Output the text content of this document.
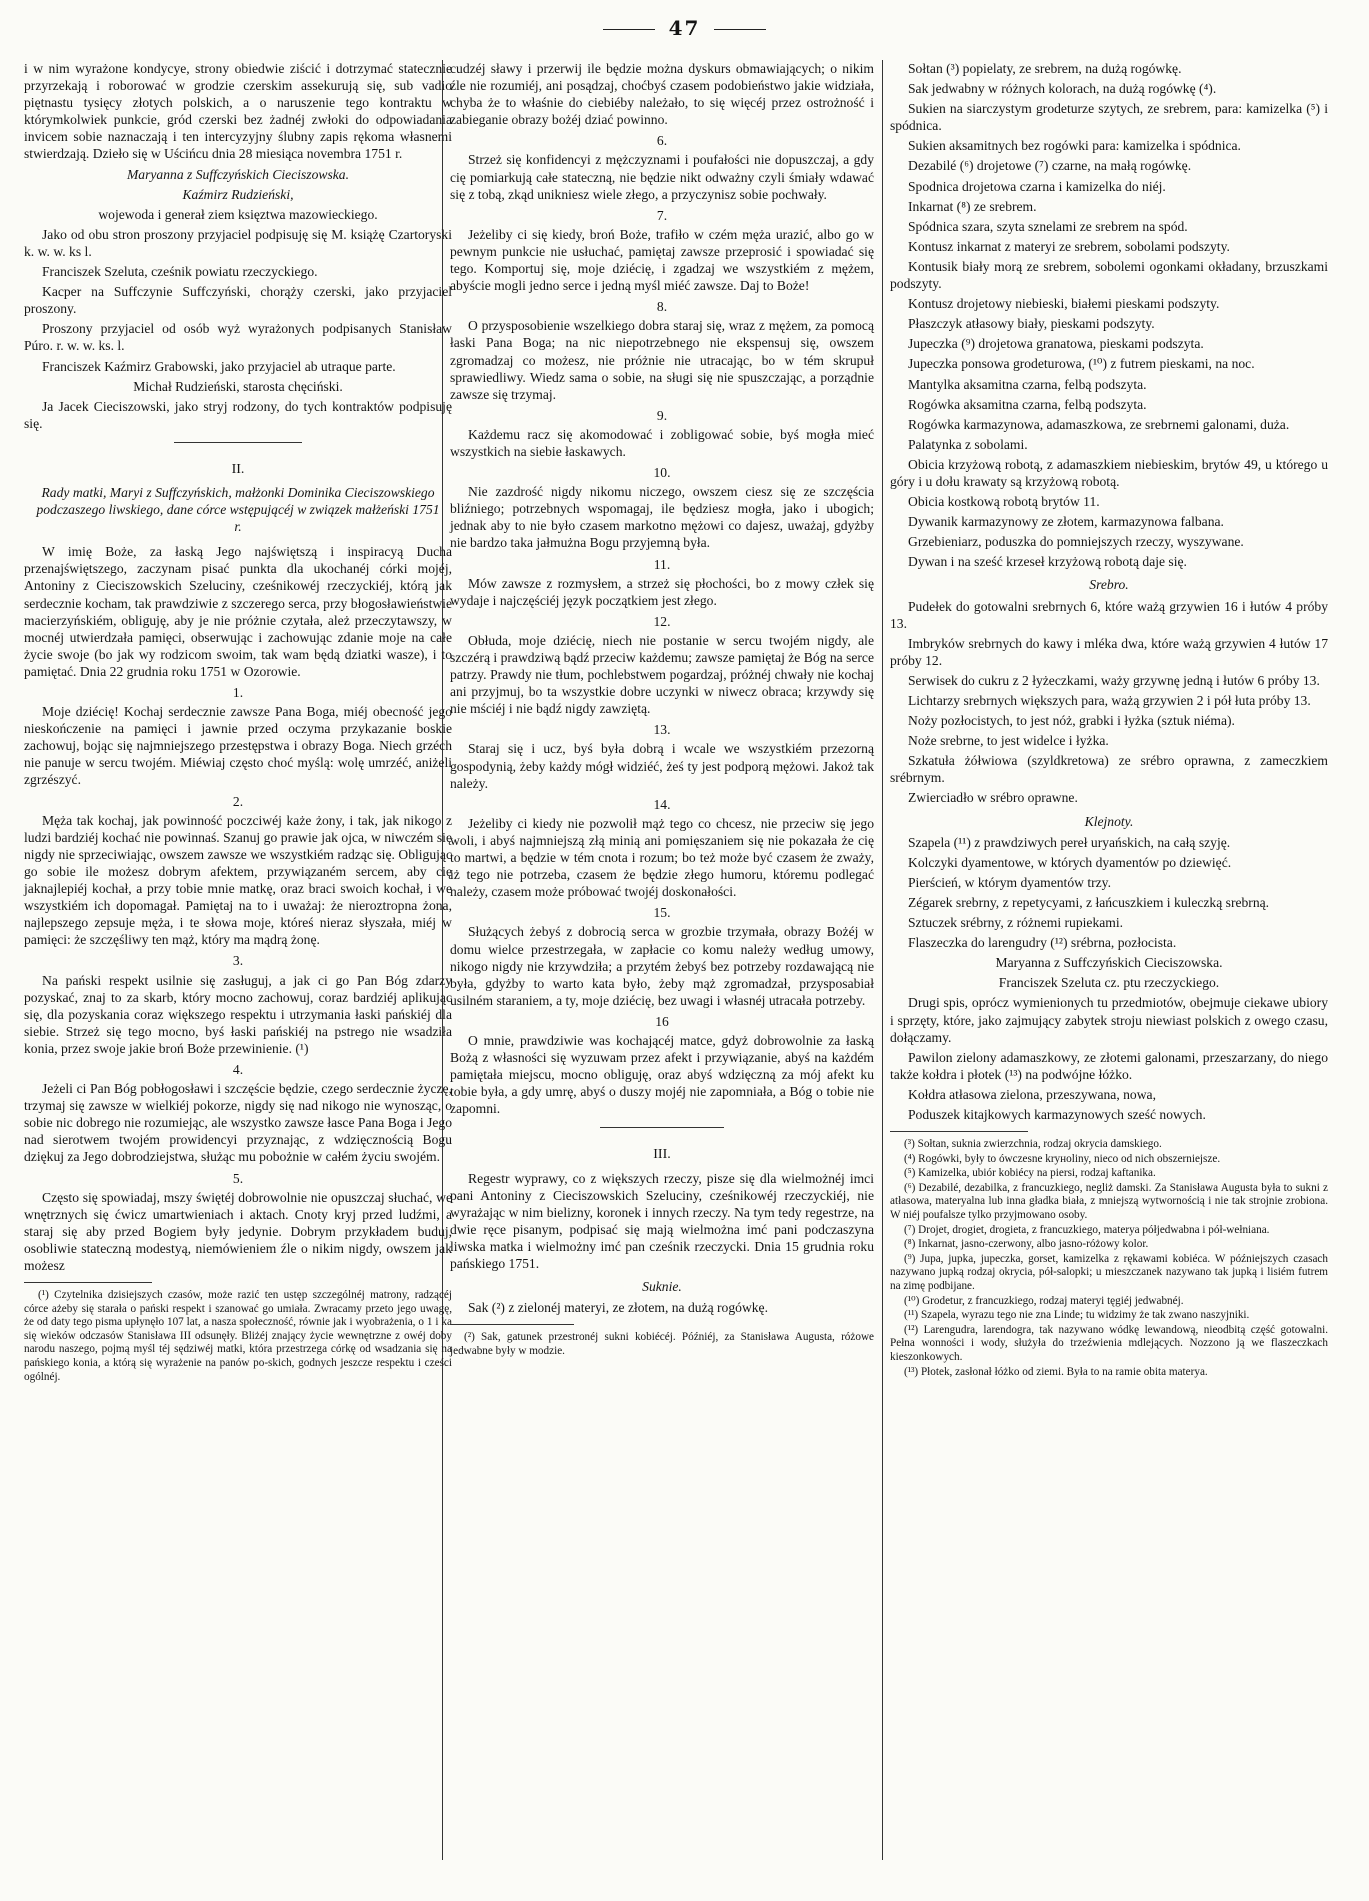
47

i w nim wyrażone kondycye, strony obiedwie ziścić i dotrzymać statecznie przyrzekają i roborować w grodzie czerskim assekurują się, sub vadio piętnastu tysięcy złotych polskich, a o naruszenie tego kontraktu w którymkolwiek punkcie, gród czerski bez żadnéj zwłoki do odpowiadania invicem sobie naznaczają i ten intercyzyjny ślubny zapis rękoma własnemi stwierdzają. Dzieło się w Uścińcu dnia 28 miesiąca novembra 1751 r.

Maryanna z Suffczyńskich Cieciszowska.

Kaźmirz Rudzieński,

wojewoda i generał ziem księztwa mazowieckiego.

Jako od obu stron proszony przyjaciel podpisuję się M. książę Czartoryski k. w. w. ks l.

Franciszek Szeluta, cześnik powiatu rzeczyckiego.

Kacper na Suffczynie Suffczyński, chorąży czerski, jako przyjaciel proszony.

Proszony przyjaciel od osób wyż wyrażonych podpisanych Stanisław Púro. r. w. w. ks. l.

Franciszek Kaźmirz Grabowski, jako przyjaciel ab utraque parte.

Michał Rudzieński, starosta chęciński.

Ja Jacek Cieciszowski, jako stryj rodzony, do tych kontraktów podpisuję się.

II.

Rady matki, Maryi z Suffczyńskich, małżonki Dominika Cieciszowskiego podczaszego liwskiego, dane córce wstępującéj w związek małżeński 1751 r.

W imię Boże, za łaską Jego najświętszą i inspiracyą Ducha przenajświętszego, zaczynam pisać punkta dla ukochanéj córki mojéj, Antoniny z Cieciszowskich Szeluciny, cześnikowéj rzeczyckiéj, którą jak serdecznie kocham, tak prawdziwie z szczerego serca, przy błogosławieństwie macierzyńskiém, obliguję, aby je nie próżnie czytała, ależ przeczytawszy, w mocnéj utwierdzała pamięci, obserwując i zachowując zdanie moje na całe życie swoje (bo jak wy rodzicom swoim, tak wam będą dziatki wasze), i to pamiętać. Dnia 22 grudnia roku 1751 w Ozorowie.

1.

Moje dziécię! Kochaj serdecznie zawsze Pana Boga, miéj obecność jego nieskończenie na pamięci i jawnie przed oczyma przykazanie boskie zachowuj, bojąc się najmniejszego przestępstwa i obrazy Boga. Niech grzéch nie panuje w sercu twojém. Miéwiaj często choć myślą: wolę umrzéć, aniżeli zgrzészyć.

2.

Męża tak kochaj, jak powinność poczciwéj każe żony, i tak, jak nikogo z ludzi bardziéj kochać nie powinnaś. Szanuj go prawie jak ojca, w niwczém się nigdy nie sprzeciwiając, owszem zawsze we wszystkiém radząc się. Obligując go sobie ile możesz dobrym afektem, przywiązaném sercem, aby cię jaknajlepiéj kochał, a przy tobie mnie matkę, oraz braci swoich kochał, i we wszystkiém ich dopomagał. Pamiętaj na to i uważaj: że nieroztropna żona, najlepszego zepsuje męża, i te słowa moje, któreś nieraz słyszała, miéj w pamięci: że szczęśliwy ten mąż, który ma mądrą żonę.

3.

Na pański respekt usilnie się zasługuj, a jak ci go Pan Bóg zdarzy pozyskać, znaj to za skarb, który mocno zachowuj, coraz bardziéj aplikując się, dla pozyskania coraz większego respektu i utrzymania łaski pańskiéj dla siebie. Strzeż się tego mocno, byś łaski pańskiéj na pstrego nie wsadziła konia, przez swoje jakie broń Boże przewinienie. (¹)

4.

Jeżeli ci Pan Bóg pobłogosławi i szczęście będzie, czego serdecznie życzę, trzymaj się zawsze w wielkiéj pokorze, nigdy się nad nikogo nie wynosząc, o sobie nic dobrego nie rozumiejąc, ale wszystko zawsze łasce Pana Boga i Jego nad sierotwem twojém prowidencyi przyznając, z wdzięcznością Bogu dziękuj za Jego dobrodziejstwa, służąc mu pobożnie w całém życiu swojém.

5.

Często się spowiadaj, mszy świętéj dobrowolnie nie opuszczaj słuchać, we wnętrznych się ćwicz umartwieniach i aktach. Cnoty kryj przed ludźmi, a staraj się aby przed Bogiem były jedynie. Dobrym przykładem buduj, osobliwie stateczną modestyą, niemówieniem źle o nikim nigdy, owszem jak możesz

(¹) Czytelnika dzisiejszych czasów, może razić ten ustęp szczególnéj matrony, radzącéj córce ażeby się starała o pański respekt i szanować go umiała. Zwracamy przeto jego uwagę, że od daty tego pisma upłynęło 107 lat, a nasza społeczność, równie jak i wyobrażenia, o 1 i ka się wieków odczasów Stanisława III odsunęły. Bliżéj znający życie wewnętrzne z owéj doby narodu naszego, pojmą myśl téj sędziwéj matki, która przestrzega córkę od wsadzania się na pańskiego konia, a którą się wyrażenie na panów po-skich, godnych jeszcze respektu i cześci ogólnéj.

cudzéj sławy i przerwij ile będzie można dyskurs obmawiających; o nikim źle nie rozumiéj, ani posądzaj, choćbyś czasem podobieństwo jakie widziała, chyba że to właśnie do ciebiéby należało, to się więcéj przez ostrożność i zabieganie obrazy bożéj dziać powinno.

6.

Strzeż się konfidencyi z mężczyznami i poufałości nie dopuszczaj, a gdy cię pomiarkują całe stateczną, nie będzie nikt odważny czyli śmiały wdawać się z tobą, zkąd unikniesz wiele złego, a przyczynisz sobie pochwały.

7.

Jeżeliby ci się kiedy, broń Boże, trafiło w czém męża urazić, albo go w pewnym punkcie nie usłuchać, pamiętaj zawsze przeprosić i spowiadać się tego. Komportuj się, moje dziécię, i zgadzaj we wszystkiém z mężem, abyście mogli jedno serce i jedną myśl miéć zawsze. Daj to Boże!

8.

O przysposobienie wszelkiego dobra staraj się, wraz z mężem, za pomocą łaski Pana Boga; na nic niepotrzebnego nie ekspensuj się, owszem zgromadzaj co możesz, nie próżnie nie utracając, bo w tém skrupuł sprawiedliwy. Wiedz sama o sobie, na sługi się nie spuszczając, a porządnie zawsze się trzymaj.

9.

Każdemu racz się akomodować i zobligować sobie, byś mogła mieć wszystkich na siebie łaskawych.

10.

Nie zazdrość nigdy nikomu niczego, owszem ciesz się ze szczęścia bliźniego; potrzebnych wspomagaj, ile będziesz mogła, jako i ubogich; jednak aby to nie było czasem markotno mężowi co dajesz, uważaj, gdyżby nie bardzo taka jałmużna Bogu przyjemną była.

11.

Mów zawsze z rozmysłem, a strzeż się płochości, bo z mowy człek się wydaje i najczęściéj język początkiem jest złego.

12.

Obłuda, moje dziécię, niech nie postanie w sercu twojém nigdy, ale szczérą i prawdziwą bądź przeciw każdemu; zawsze pamiętaj że Bóg na serce patrzy. Prawdy nie tłum, pochlebstwem pogardzaj, próżnéj chwały nie kochaj ani przyjmuj, bo ta wszystkie dobre uczynki w niwecz obraca; krzywdy się nie mściéj i nie bądź nigdy zawziętą.

13.

Staraj się i ucz, byś była dobrą i wcale we wszystkiém przezorną gospodynią, żeby każdy mógł widziéć, żeś ty jest podporą mężowi. Jakoż tak należy.

14.

Jeżeliby ci kiedy nie pozwolił mąż tego co chcesz, nie przeciw się jego woli, i abyś najmniejszą złą minią ani pomięszaniem się nie pokazała że cię to martwi, a będzie w tém cnota i rozum; bo też może być czasem że zważy, iż tego nie potrzeba, czasem że będzie złego humoru, któremu podlegać należy, czasem może próbować twojéj doskonałości.

15.

Służących żebyś z dobrocią serca w grozbie trzymała, obrazy Bożéj w domu wielce przestrzegała, w zapłacie co komu należy według umowy, nikogo nigdy nie krzywdziła; a przytém żebyś bez potrzeby rozdawającą nie była, gdyżby to warto kata było, żeby mąż zgromadzał, przysposabiał usilném staraniem, a ty, moje dziécię, bez uwagi i własnéj utracała potrzeby.

16

O mnie, prawdziwie was kochającéj matce, gdyż dobrowolnie za łaską Bożą z własności się wyzuwam przez afekt i przywiązanie, abyś na każdém pamiętała miejscu, mocno obliguję, oraz abyś wdzięczną za mój afekt ku tobie była, a gdy umrę, abyś o duszy mojéj nie zapomniała, a Bóg o tobie nie zapomni.

III.

Regestr wyprawy, co z większych rzeczy, pisze się dla wielmożnéj imci pani Antoniny z Cieciszowskich Szeluciny, cześnikowéj rzeczyckiéj, nie wyrażając w nim bielizny, koronek i innych rzeczy. Na tym tedy regestrze, na dwie ręce pisanym, podpisać się mają wielmożna imć pani podczaszyna liwska matka i wielmożny imć pan cześnik rzeczycki. Dnia 15 grudnia roku pańskiego 1751.

Suknie.

Sak (²) z zielonéj materyi, ze złotem, na dużą rogówkę.

(²) Sak, gatunek przestronéj sukni kobiécéj. Późniéj, za Stanisława Augusta, różowe jedwabne były w modzie.

Sołtan (³) popielaty, ze srebrem, na dużą rogówkę.

Sak jedwabny w różnych kolorach, na dużą rogówkę (⁴).

Sukien na siarczystym grodeturze szytych, ze srebrem, para: kamizelka (⁵) i spódnica.

Sukien aksamitnych bez rogówki para: kamizelka i spódnica.

Dezabilé (⁶) drojetowe (⁷) czarne, na małą rogówkę.

Spodnica drojetowa czarna i kamizelka do niéj.

Inkarnat (⁸) ze srebrem.

Spódnica szara, szyta sznelami ze srebrem na spód.

Kontusz inkarnat z materyi ze srebrem, sobolami podszyty.

Kontusik biały morą ze srebrem, sobolemi ogonkami okładany, brzuszkami podszyty.

Kontusz drojetowy niebieski, białemi pieskami podszyty.

Płaszczyk atłasowy biały, pieskami podszyty.

Jupeczka (⁹) drojetowa granatowa, pieskami podszyta.

Jupeczka ponsowa grodeturowa, (¹⁰) z futrem pieskami, na noc.

Mantylka aksamitna czarna, felbą podszyta.

Rogówka aksamitna czarna, felbą podszyta.

Rogówka karmazynowa, adamaszkowa, ze srebrnemi galonami, duża.

Palatynka z sobolami.

Obicia krzyżową robotą, z adamaszkiem niebieskim, brytów 49, u którego u góry i u dołu krawaty są krzyżową robotą.

Obicia kostkową robotą brytów 11.

Dywanik karmazynowy ze złotem, karmazynowa falbana.

Grzebieniarz, poduszka do pomniejszych rzeczy, wyszywane.

Dywan i na sześć krzeseł krzyżową robotą daje się.

Srebro.

Pudełek do gotowalni srebrnych 6, które ważą grzywien 16 i łutów 4 próby 13.

Imbryków srebrnych do kawy i mléka dwa, które ważą grzywien 4 łutów 17 próby 12.

Serwisek do cukru z 2 łyżeczkami, waży grzywnę jedną i łutów 6 próby 13.

Lichtarzy srebrnych większych para, ważą grzywien 2 i pół łuta próby 13.

Noży pozłocistych, to jest nóż, grabki i łyżka (sztuk niéma).

Noże srebrne, to jest widelce i łyżka.

Szkatuła żółwiowa (szyldkretowa) ze srébro oprawna, z zameczkiem srébrnym.

Zwierciadło w srébro oprawne.

Klejnoty.

Szapela (¹¹) z prawdziwych pereł uryańskich, na całą szyję.

Kolczyki dyamentowe, w których dyamentów po dziewięć.

Pierścień, w którym dyamentów trzy.

Zégarek srebrny, z repetycyami, z łańcuszkiem i kuleczką srebrną.

Sztuczek srébrny, z różnemi rupiekami.

Flaszeczka do larengudry (¹²) srébrna, pozłocista.

Maryanna z Suffczyńskich Cieciszowska.

Franciszek Szeluta cz. ptu rzeczyckiego.

Drugi spis, oprócz wymienionych tu przedmiotów, obejmuje ciekawe ubiory i sprzęty, które, jako zajmujący zabytek stroju niewiast polskich z owego czasu, dołączamy.

Pawilon zielony adamaszkowy, ze złotemi galonami, przeszarzany, do niego także kołdra i płotek (¹³) na podwójne łóżko.

Kołdra atłasowa zielona, przeszywana, nowa,

Poduszek kitajkowych karmazynowych sześć nowych.

(³) Sołtan, suknia zwierzchnia, rodzaj okrycia damskiego.

(⁴) Rogówki, były to ówczesne kryноliny, nieco od nich obszerniejsze.

(⁵) Kamizelka, ubiór kobiécy na piersi, rodzaj kaftanika.

(⁶) Dezabilé, dezabilka, z francuzkiego, negliż damski. Za Stanisława Augusta była to sukni z atłasowa, materyalna lub inna gładka biała, z mniejszą wytwornością i nie tak strojnie zrobiona. W niéj poufalsze tylko przyjmowano osoby.

(⁷) Drojet, drogiet, drogieta, z francuzkiego, materya półjedwabna i pół-wełniana.

(⁸) Inkarnat, jasno-czerwony, albo jasno-różowy kolor.

(⁹) Jupa, jupka, jupeczka, gorset, kamizelka z rękawami kobiéca. W późniejszych czasach nazywano jupką rodzaj okrycia, pół-salopki; u mieszczanek nazywano tak jupką i lisiém futrem na zimę podbijane.

(¹⁰) Grodetur, z francuzkiego, rodzaj materyi tęgiéj jedwabnéj.

(¹¹) Szapela, wyrazu tego nie zna Linde; tu widzimy że tak zwano naszyjniki.

(¹²) Larengudra, larendogra, tak nazywano wódkę lewandową, nieodbitą część gotowalni. Pełna wonności i wody, służyła do trzeźwienia mdlejących. Nozzono ją we flaszeczkach kieszonkowych.

(¹³) Płotek, zasłonał łóżko od ziemi. Była to na ramie obita materya.
